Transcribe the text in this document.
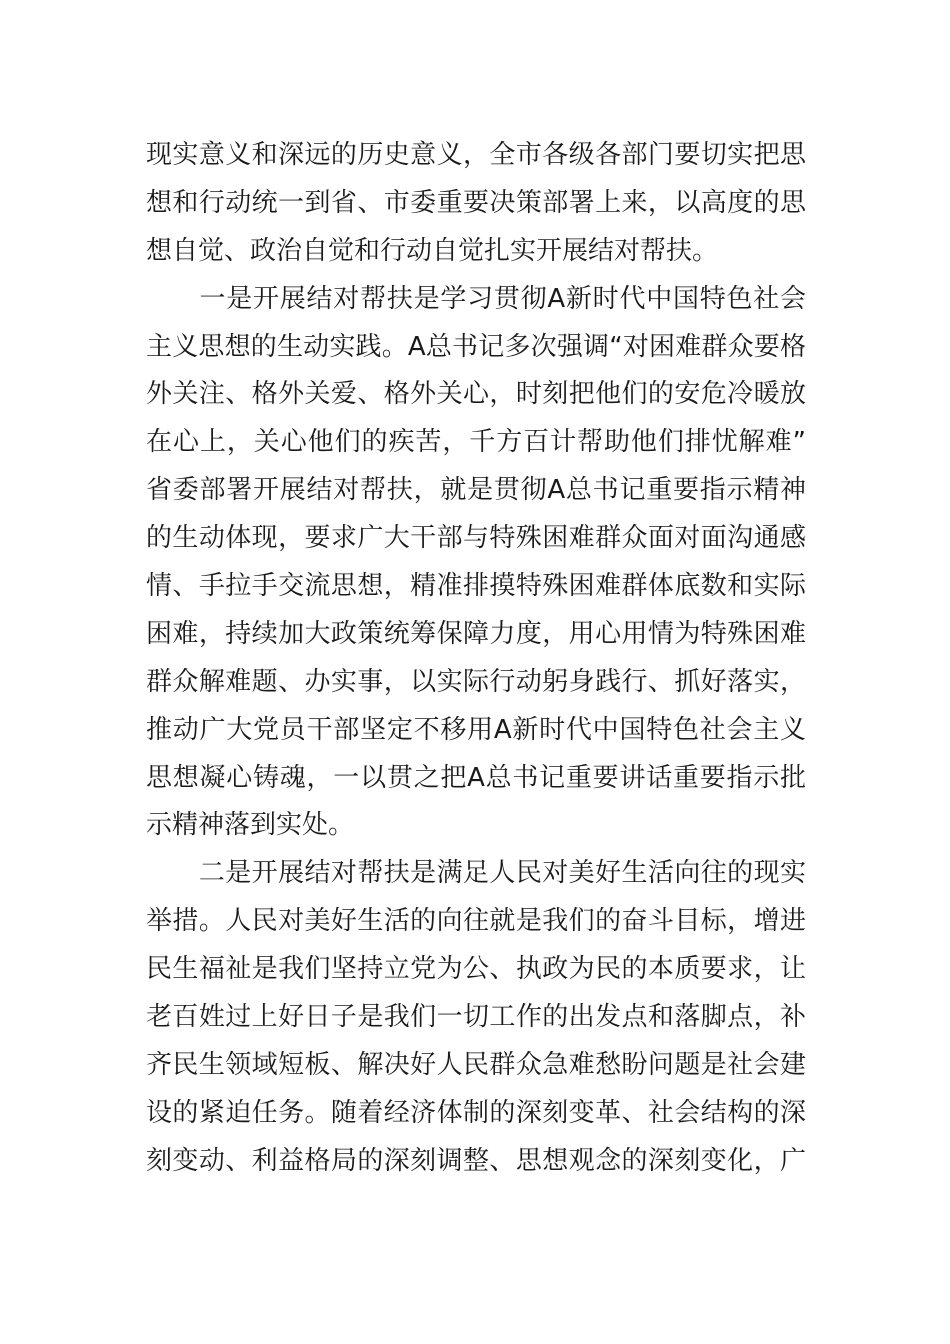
现实意义和深远的历史意义，全市各级各部门要切实把思
想和行动统一到省、市委重要决策部署上来，以高度的思
想自觉、政治自觉和行动自觉扎实开展结对帮扶。
　　一是开展结对帮扶是学习贯彻A新时代中国特色社会
主义思想的生动实践。A总书记多次强调“对困难群众要格
外关注、格外关爱、格外关心，时刻把他们的安危冷暖放
在心上，关心他们的疾苦，千方百计帮助他们排忧解难”
省委部署开展结对帮扶，就是贯彻A总书记重要指示精神
的生动体现，要求广大干部与特殊困难群众面对面沟通感
情、手拉手交流思想，精准排摸特殊困难群体底数和实际
困难，持续加大政策统筹保障力度，用心用情为特殊困难
群众解难题、办实事，以实际行动躬身践行、抓好落实，
推动广大党员干部坚定不移用A新时代中国特色社会主义
思想凝心铸魂，一以贯之把A总书记重要讲话重要指示批
示精神落到实处。
　　二是开展结对帮扶是满足人民对美好生活向往的现实
举措。人民对美好生活的向往就是我们的奋斗目标，增进
民生福祉是我们坚持立党为公、执政为民的本质要求，让
老百姓过上好日子是我们一切工作的出发点和落脚点，补
齐民生领域短板、解决好人民群众急难愁盼问题是社会建
设的紧迫任务。随着经济体制的深刻变革、社会结构的深
刻变动、利益格局的深刻调整、思想观念的深刻变化，广
